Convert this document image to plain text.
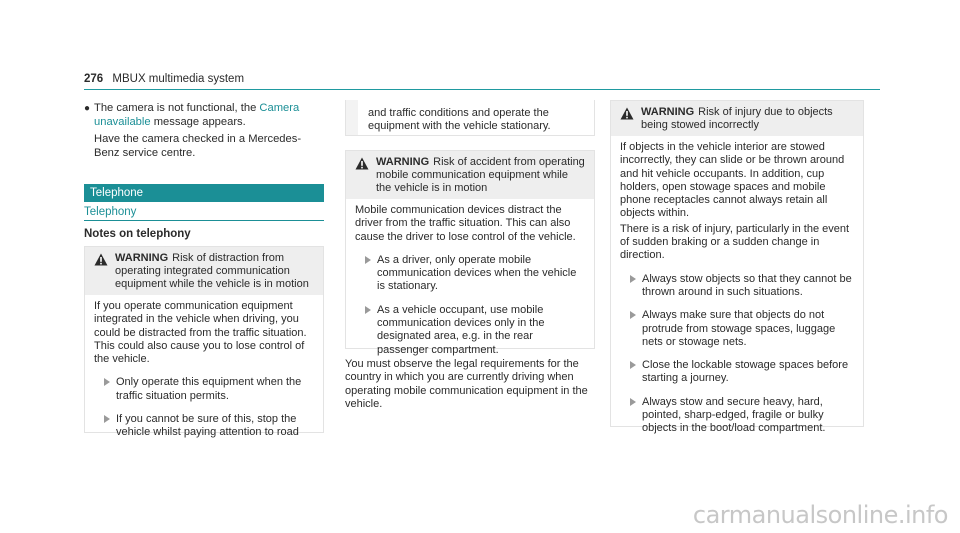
276 MBUX multimedia system
● The camera is not functional, the Camera unavailable message appears.
Have the camera checked in a Mercedes-Benz service centre.
Telephone
Telephony
Notes on telephony
WARNING Risk of distraction from operating integrated communication equipment while the vehicle is in motion
If you operate communication equipment integrated in the vehicle when driving, you could be distracted from the traffic situation. This could also cause you to lose control of the vehicle.
Only operate this equipment when the traffic situation permits.
If you cannot be sure of this, stop the vehicle whilst paying attention to road
and traffic conditions and operate the equipment with the vehicle stationary.
WARNING Risk of accident from operating mobile communication equipment while the vehicle is in motion
Mobile communication devices distract the driver from the traffic situation. This can also cause the driver to lose control of the vehicle.
As a driver, only operate mobile communication devices when the vehicle is stationary.
As a vehicle occupant, use mobile communication devices only in the designated area, e.g. in the rear passenger compartment.
You must observe the legal requirements for the country in which you are currently driving when operating mobile communication equipment in the vehicle.
WARNING Risk of injury due to objects being stowed incorrectly
If objects in the vehicle interior are stowed incorrectly, they can slide or be thrown around and hit vehicle occupants. In addition, cup holders, open stowage spaces and mobile phone receptacles cannot always retain all objects within.
There is a risk of injury, particularly in the event of sudden braking or a sudden change in direction.
Always stow objects so that they cannot be thrown around in such situations.
Always make sure that objects do not protrude from stowage spaces, luggage nets or stowage nets.
Close the lockable stowage spaces before starting a journey.
Always stow and secure heavy, hard, pointed, sharp-edged, fragile or bulky objects in the boot/load compartment.
carmanualsonline.info
